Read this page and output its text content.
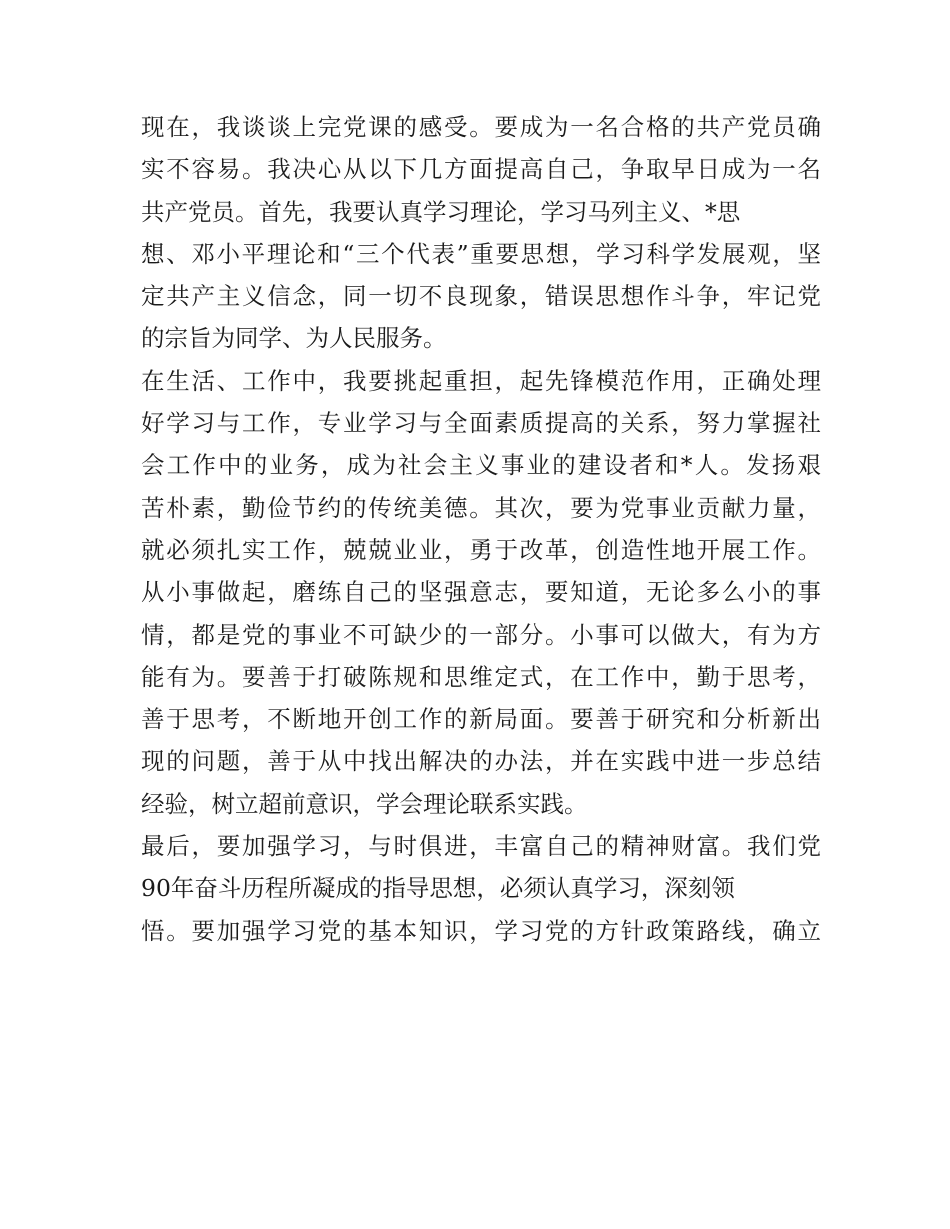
现在，我谈谈上完党课的感受。要成为一名合格的共产党员确
实不容易。我决心从以下几方面提高自己，争取早日成为一名
共产党员。首先，我要认真学习理论，学习马列主义、*思
想、邓小平理论和“三个代表”重要思想，学习科学发展观，坚
定共产主义信念，同一切不良现象，错误思想作斗争，牢记党
的宗旨为同学、为人民服务。
在生活、工作中，我要挑起重担，起先锋模范作用，正确处理
好学习与工作，专业学习与全面素质提高的关系，努力掌握社
会工作中的业务，成为社会主义事业的建设者和*人。发扬艰
苦朴素，勤俭节约的传统美德。其次，要为党事业贡献力量，
就必须扎实工作，兢兢业业，勇于改革，创造性地开展工作。
从小事做起，磨练自己的坚强意志，要知道，无论多么小的事
情，都是党的事业不可缺少的一部分。小事可以做大，有为方
能有为。要善于打破陈规和思维定式，在工作中，勤于思考，
善于思考，不断地开创工作的新局面。要善于研究和分析新出
现的问题，善于从中找出解决的办法，并在实践中进一步总结
经验，树立超前意识，学会理论联系实践。
最后，要加强学习，与时俱进，丰富自己的精神财富。我们党
90年奋斗历程所凝成的指导思想，必须认真学习，深刻领
悟。要加强学习党的基本知识，学习党的方针政策路线，确立
